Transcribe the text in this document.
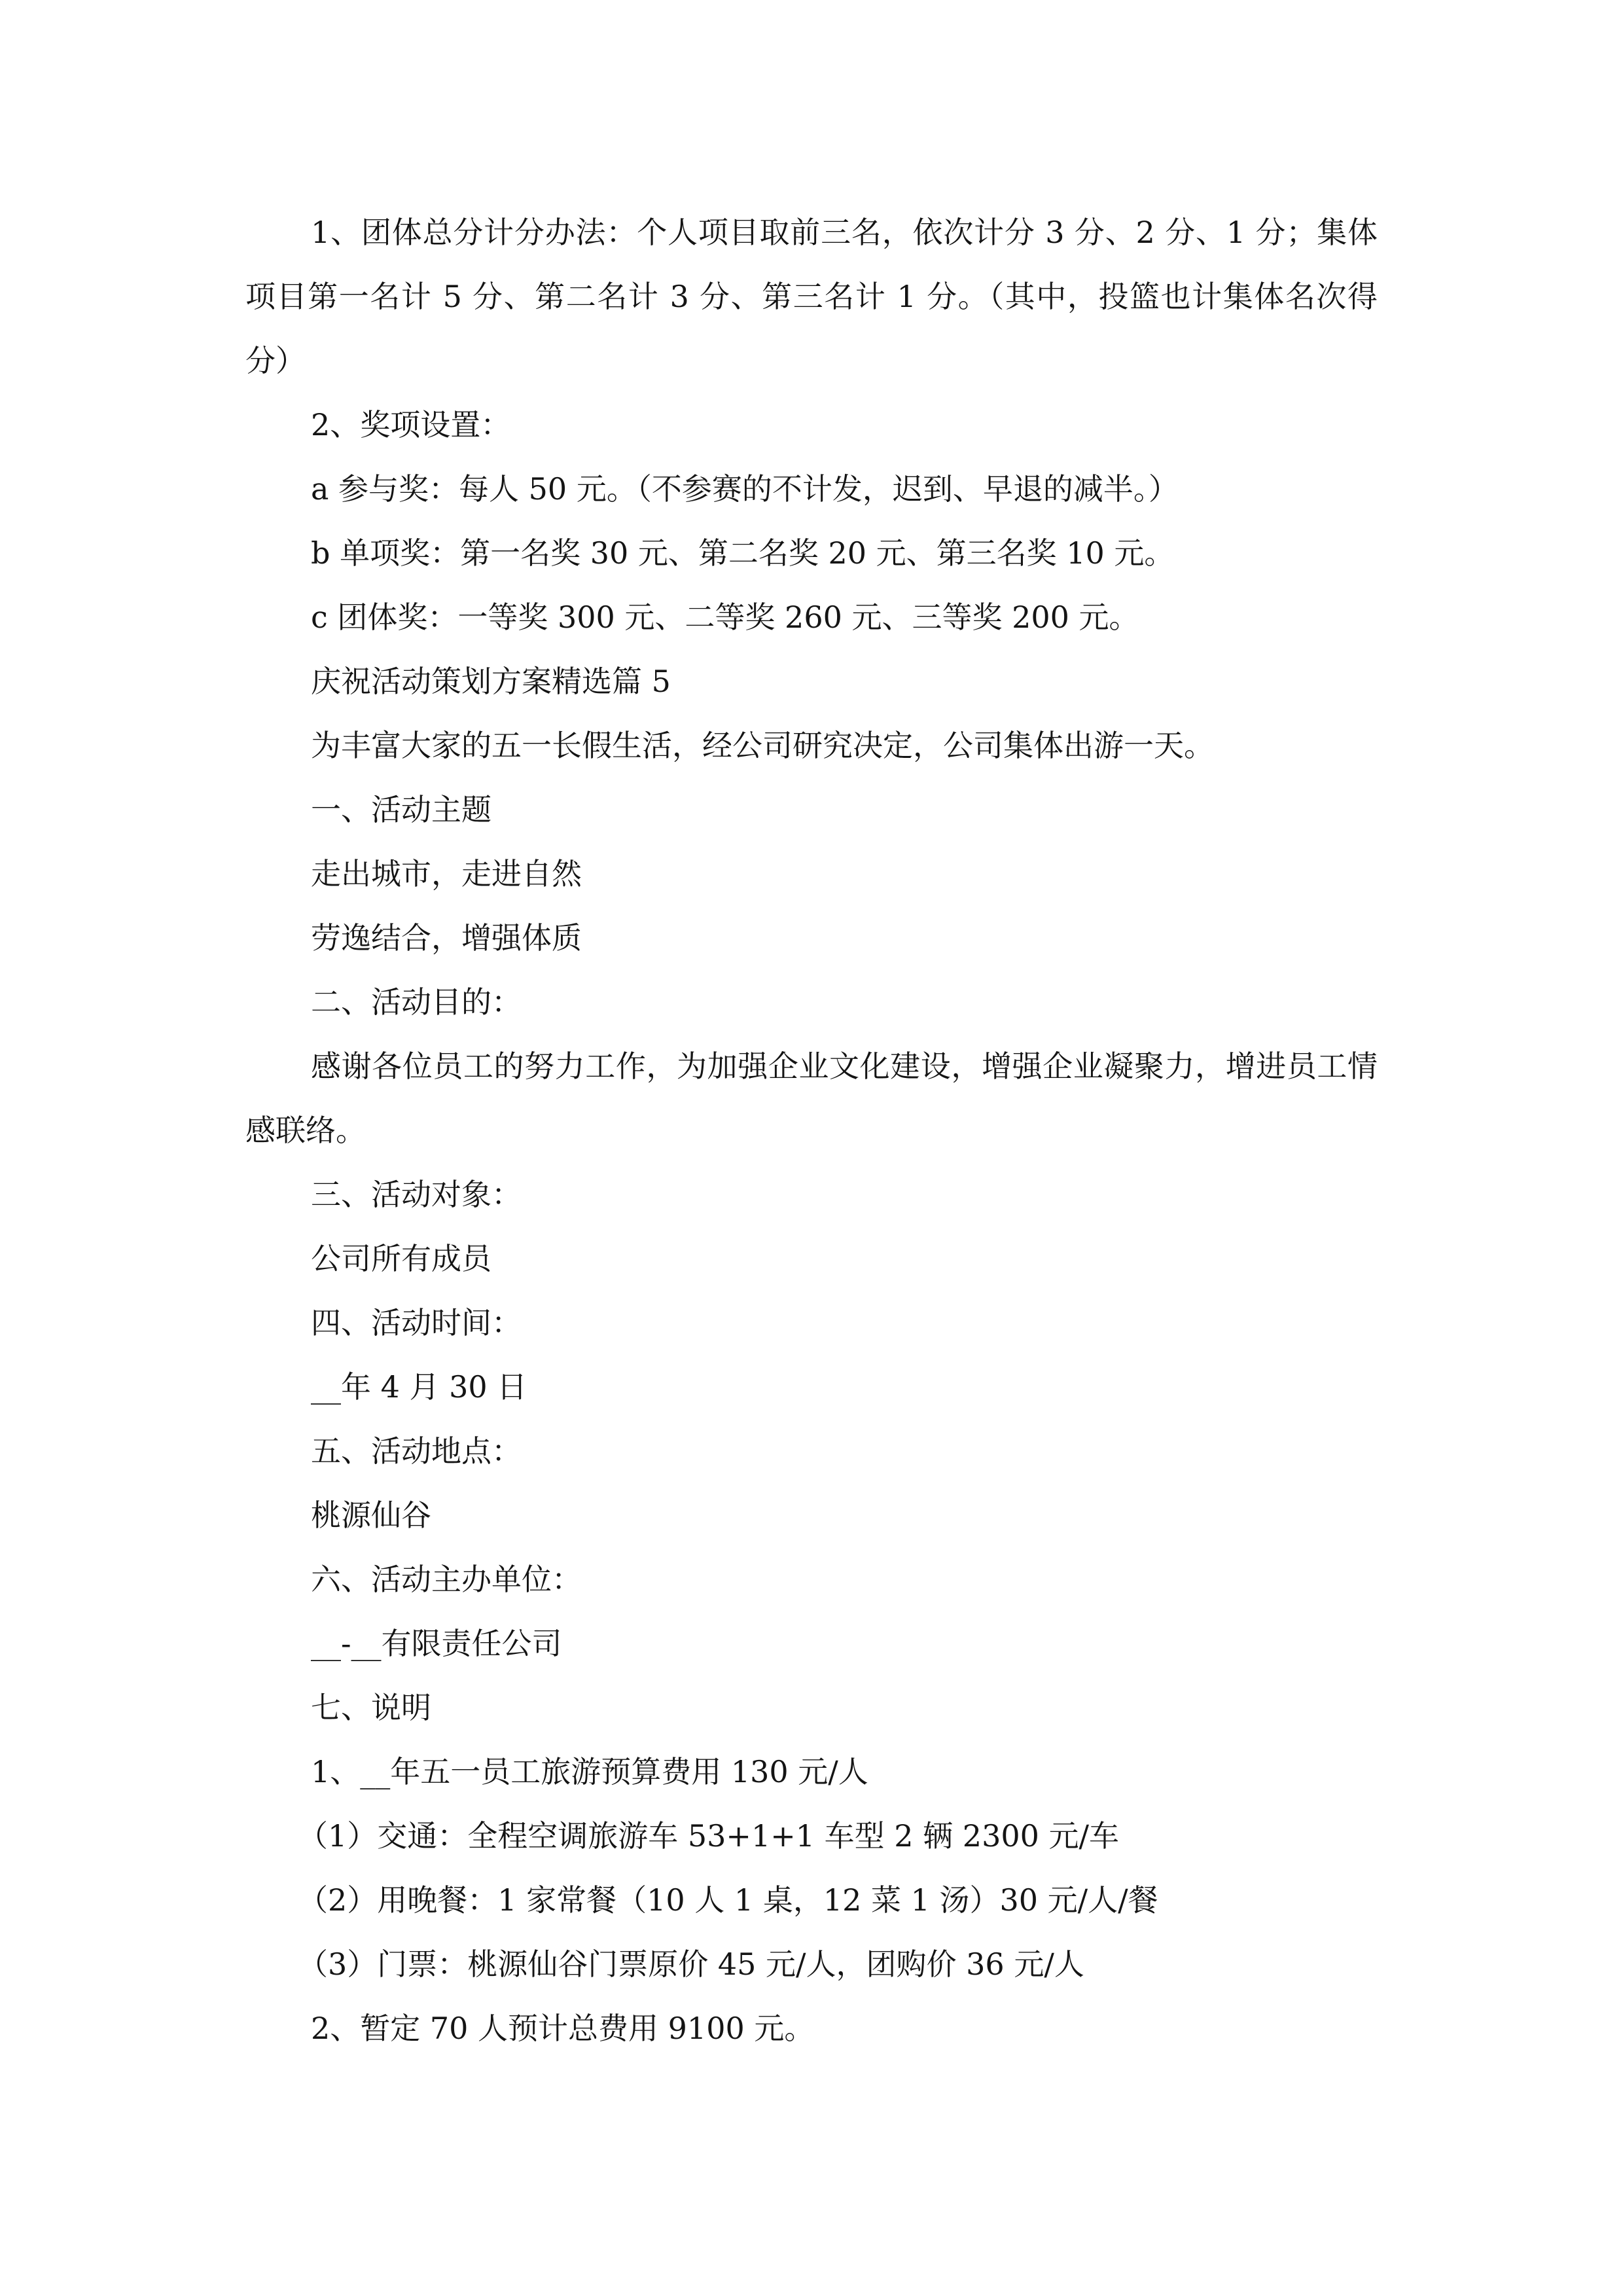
1、团体总分计分办法：个人项目取前三名，依次计分 3 分、2 分、1 分；集体项目第一名计 5 分、第二名计 3 分、第三名计 1 分。（其中，投篮也计集体名次得分）

2、奖项设置：

a 参与奖：每人 50 元。（不参赛的不计发，迟到、早退的减半。）

b 单项奖：第一名奖 30 元、第二名奖 20 元、第三名奖 10 元。

c 团体奖：一等奖 300 元、二等奖 260 元、三等奖 200 元。

庆祝活动策划方案精选篇 5

为丰富大家的五一长假生活，经公司研究决定，公司集体出游一天。

一、活动主题

走出城市，走进自然

劳逸结合，增强体质

二、活动目的：

感谢各位员工的努力工作，为加强企业文化建设，增强企业凝聚力，增进员工情感联络。

三、活动对象：

公司所有成员

四、活动时间：

__年 4 月 30 日

五、活动地点：

桃源仙谷

六、活动主办单位：

__-__有限责任公司

七、说明

1、__年五一员工旅游预算费用 130 元/人

（1）交通：全程空调旅游车 53+1+1 车型 2 辆 2300 元/车

（2）用晚餐：1 家常餐（10 人 1 桌，12 菜 1 汤）30 元/人/餐

（3）门票：桃源仙谷门票原价 45 元/人，团购价 36 元/人

2、暂定 70 人预计总费用 9100 元。
